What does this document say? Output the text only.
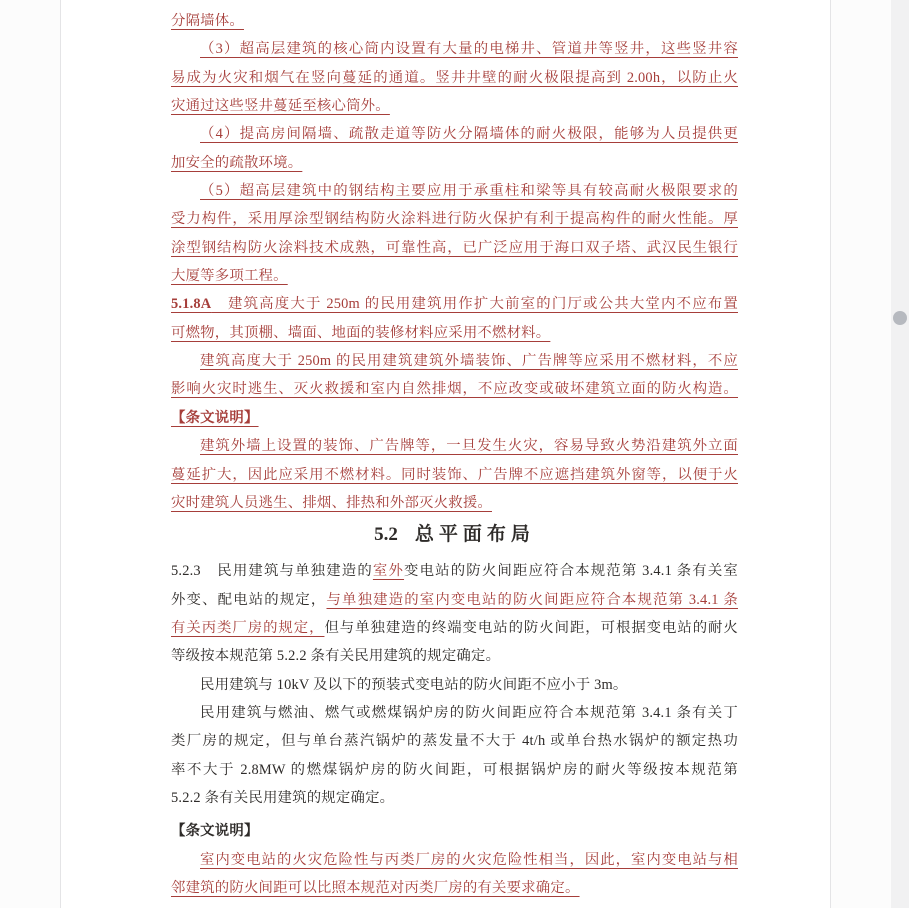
分隔墙体。
（3）超高层建筑的核心筒内设置有大量的电梯井、管道井等竖井，这些竖井容
易成为火灾和烟气在竖向蔓延的通道。竖井井壁的耐火极限提高到 2.00h，以防止火
灾通过这些竖井蔓延至核心筒外。
（4）提高房间隔墙、疏散走道等防火分隔墙体的耐火极限，能够为人员提供更
加安全的疏散环境。
（5）超高层建筑中的钢结构主要应用于承重柱和梁等具有较高耐火极限要求的
受力构件，采用厚涂型钢结构防火涂料进行防火保护有利于提高构件的耐火性能。厚
涂型钢结构防火涂料技术成熟，可靠性高，已广泛应用于海口双子塔、武汉民生银行
大厦等多项工程。
5.1.8A　建筑高度大于 250m 的民用建筑用作扩大前室的门厅或公共大堂内不应布置
可燃物，其顶棚、墙面、地面的装修材料应采用不燃材料。
建筑高度大于 250m 的民用建筑建筑外墙装饰、广告牌等应采用不燃材料，不应
影响火灾时逃生、灭火救援和室内自然排烟，不应改变或破坏建筑立面的防火构造。
【条文说明】
建筑外墙上设置的装饰、广告牌等，一旦发生火灾，容易导致火势沿建筑外立面
蔓延扩大，因此应采用不燃材料。同时装饰、广告牌不应遮挡建筑外窗等，以便于火
灾时建筑人员逃生、排烟、排热和外部灭火救援。
5.2 总平面布局
5.2.3　民用建筑与单独建造的室外变电站的防火间距应符合本规范第 3.4.1 条有关室
外变、配电站的规定，与单独建造的室内变电站的防火间距应符合本规范第 3.4.1 条
有关丙类厂房的规定，但与单独建造的终端变电站的防火间距，可根据变电站的耐火
等级按本规范第 5.2.2 条有关民用建筑的规定确定。
民用建筑与 10kV 及以下的预装式变电站的防火间距不应小于 3m。
民用建筑与燃油、燃气或燃煤锅炉房的防火间距应符合本规范第 3.4.1 条有关丁
类厂房的规定，但与单台蒸汽锅炉的蒸发量不大于 4t/h 或单台热水锅炉的额定热功
率不大于 2.8MW 的燃煤锅炉房的防火间距，可根据锅炉房的耐火等级按本规范第
5.2.2 条有关民用建筑的规定确定。
【条文说明】
室内变电站的火灾危险性与丙类厂房的火灾危险性相当，因此，室内变电站与相
邻建筑的防火间距可以比照本规范对丙类厂房的有关要求确定。
